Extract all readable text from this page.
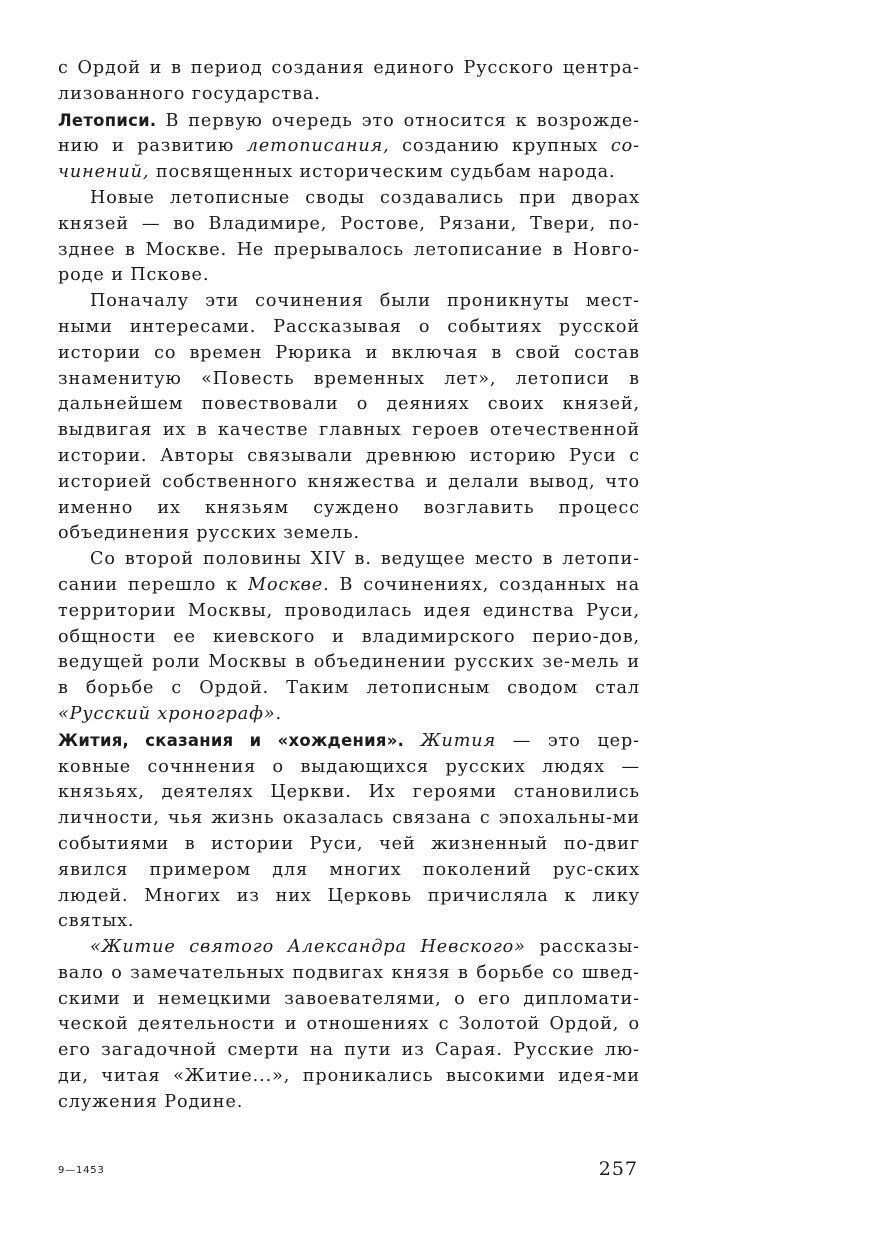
с Ордой и в период создания единого Русского центра- лизованного государства.

Летописи. В первую очередь это относится к возрожде-нию и развитию летописания, созданию крупных со-чинений, посвященных историческим судьбам народа.

Новые летописные своды создавались при дворах князей — во Владимире, Ростове, Рязани, Твери, по-зднее в Москве. Не прерывалось летописание в Новго-роде и Пскове.

Поначалу эти сочинения были проникнуты мест-ными интересами. Рассказывая о событиях русской истории со времен Рюрика и включая в свой состав знаменитую «Повесть временных лет», летописи в дальнейшем повествовали о деяниях своих князей, выдвигая их в качестве главных героев отечественной истории. Авторы связывали древнюю историю Руси с историей собственного княжества и делали вывод, что именно их князьям суждено возглавить процесс объединения русских земель.

Со второй половины XIV в. ведущее место в летопи-сании перешло к Москве. В сочинениях, созданных на территории Москвы, проводилась идея единства Руси, общности ее киевского и владимирского перио-дов, ведущей роли Москвы в объединении русских зе-мель и в борьбе с Ордой. Таким летописным сводом стал «Русский хронограф».

Жития, сказания и «хождения». Жития — это цер-ковные сочннения о выдающихся русских людях — князьях, деятелях Церкви. Их героями становились личности, чья жизнь оказалась связана с эпохальны-ми событиями в истории Руси, чей жизненный по-двиг явился примером для многих поколений рус-ских людей. Многих из них Церковь причисляла к лику святых.

«Житие святого Александра Невского» рассказы-вало о замечательных подвигах князя в борьбе со швед-скими и немецкими завоевателями, о его дипломати-ческой деятельности и отношениях с Золотой Ордой, о его загадочной смерти на пути из Сарая. Русские лю-ди, читая «Житие...», проникались высокими идея-ми служения Родине.

9—1453	257
